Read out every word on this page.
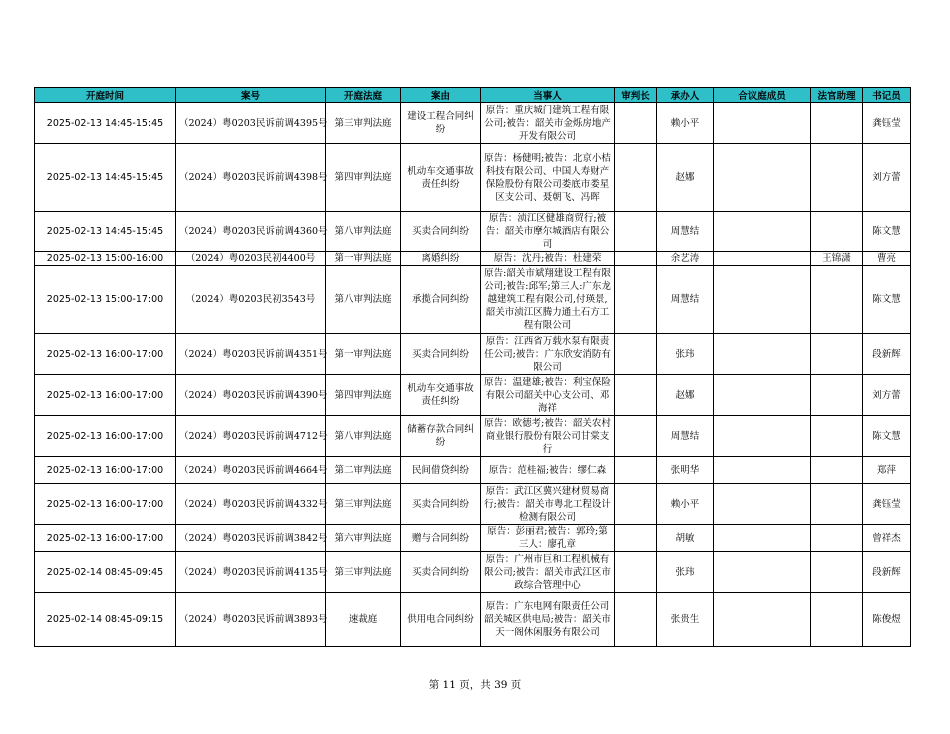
开庭时间	案号	开庭法庭	案由	当事人	审判长	承办人	合议庭成员	法官助理	书记员
2025-02-13 14:45-15:45	（2024）粤0203民诉前调4395号	第三审判法庭	建设工程合同纠纷	原告：重庆城门建筑工程有限公司;被告：韶关市金烁房地产开发有限公司		赖小平			龚钰莹
2025-02-13 14:45-15:45	（2024）粤0203民诉前调4398号	第四审判法庭	机动车交通事故责任纠纷	原告：杨健明;被告：北京小桔科技有限公司、中国人寿财产保险股份有限公司娄底市娄星区支公司、聂朝飞、冯晖		赵娜			刘方蕾
2025-02-13 14:45-15:45	（2024）粤0203民诉前调4360号	第八审判法庭	买卖合同纠纷	原告：浈江区健雄商贸行;被告：韶关市摩尔城酒店有限公司		周慧结			陈文慧
2025-02-13 15:00-16:00	（2024）粤0203民初4400号	第一审判法庭	离婚纠纷	原告：沈丹;被告：杜建荣		余艺涛		王锦潇	曹亮
2025-02-13 15:00-17:00	（2024）粤0203民初3543号	第八审判法庭	承揽合同纠纷	原告:韶关市斌翔建设工程有限公司;被告:邱军;第三人:广东龙越建筑工程有限公司,付瑛景,韶关市浈江区腾力通土石方工程有限公司		周慧结			陈文慧
2025-02-13 16:00-17:00	（2024）粤0203民诉前调4351号	第一审判法庭	买卖合同纠纷	原告：江西省万载水泵有限责任公司;被告：广东欣安消防有限公司		张玮			段新辉
2025-02-13 16:00-17:00	（2024）粤0203民诉前调4390号	第四审判法庭	机动车交通事故责任纠纷	原告：温建雄;被告：利宝保险有限公司韶关中心支公司、邓海祥		赵娜			刘方蕾
2025-02-13 16:00-17:00	（2024）粤0203民诉前调4712号	第八审判法庭	储蓄存款合同纠纷	原告：欧德考;被告：韶关农村商业银行股份有限公司甘棠支行		周慧结			陈文慧
2025-02-13 16:00-17:00	（2024）粤0203民诉前调4664号	第二审判法庭	民间借贷纠纷	原告：范桂福;被告：缪仁森		张明华			郑萍
2025-02-13 16:00-17:00	（2024）粤0203民诉前调4332号	第三审判法庭	买卖合同纠纷	原告：武江区冀兴建材贸易商行;被告：韶关市粤北工程设计检测有限公司		赖小平			龚钰莹
2025-02-13 16:00-17:00	（2024）粤0203民诉前调3842号	第六审判法庭	赠与合同纠纷	原告：彭丽君;被告：郭玲;第三人：廖孔章		胡敏			曾祥杰
2025-02-14 08:45-09:45	（2024）粤0203民诉前调4135号	第三审判法庭	买卖合同纠纷	原告：广州市巨和工程机械有限公司;被告：韶关市武江区市政综合管理中心		张玮			段新辉
2025-02-14 08:45-09:15	（2024）粤0203民诉前调3893号	速裁庭	供用电合同纠纷	原告：广东电网有限责任公司韶关城区供电局;被告：韶关市天一阁休闲服务有限公司		张贵生			陈俊煜
第 11 页，共 39 页
